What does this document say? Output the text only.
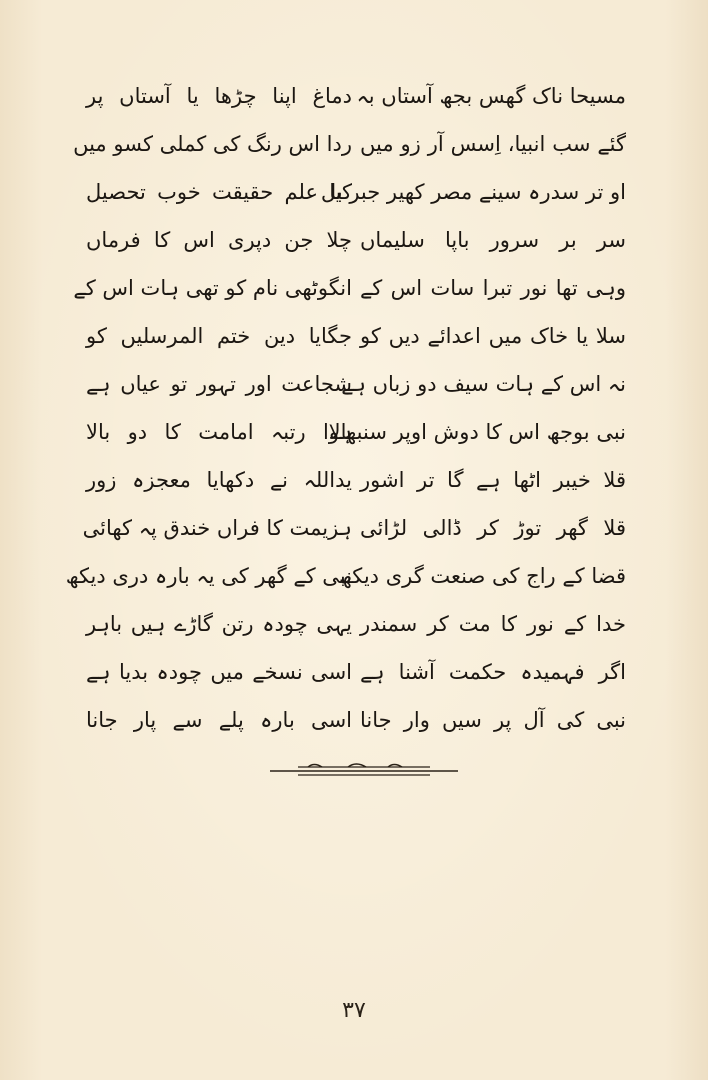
مسیحا ناک گھس بجھ آستاں بہ
دماغ اپنا چڑھا یا آستاں پر
گئے سب انبیا، اِسس آر زو میں
ردا اس رنگ کی کملی کسو میں
او تر سدرہ سینے مصر کھیر جبر بل
کیا علم حقیقت خوب تحصیل
سر بر سرور باپا سلیماں
چلا جن دپری اس کا فرماں
وہی تھا نور تبرا سات اس کے
انگوٹھی نام کو تھی ہات اس کے
سلا یا خاک میں اعدائے دیں کو
جگایا دین ختم المرسلیں کو
نہ اس کے ہات سیف دو زباں ہے
شجاعت اور تہور تو عیاں ہے
نبی بوجھ اس کا دوش اوپر سنبھالا
ہوا رتبہ امامت کا دو بالا
قلا خیبر اٹھا ہے گا تر اشور
یداللہ نے دکھایا معجزہ زور
قلا گھر توڑ کر ڈالی لڑائی
ہزیمت کا فراں خندق پہ کھائی
قضا کے راج کی صنعت گری دیکھ
نبی کے گھر کی یہ بارہ دری دیکھ
خدا کے نور کا مت کر سمندر
یہی چودہ رتن گاڑے ہیں باہر
اگر فہمیدہ حکمت آشنا ہے
اسی نسخے میں چودہ بدیا ہے
نبی کی آل پر سیں وار جانا
اسی بارہ پلے سے پار جانا
۳۷
